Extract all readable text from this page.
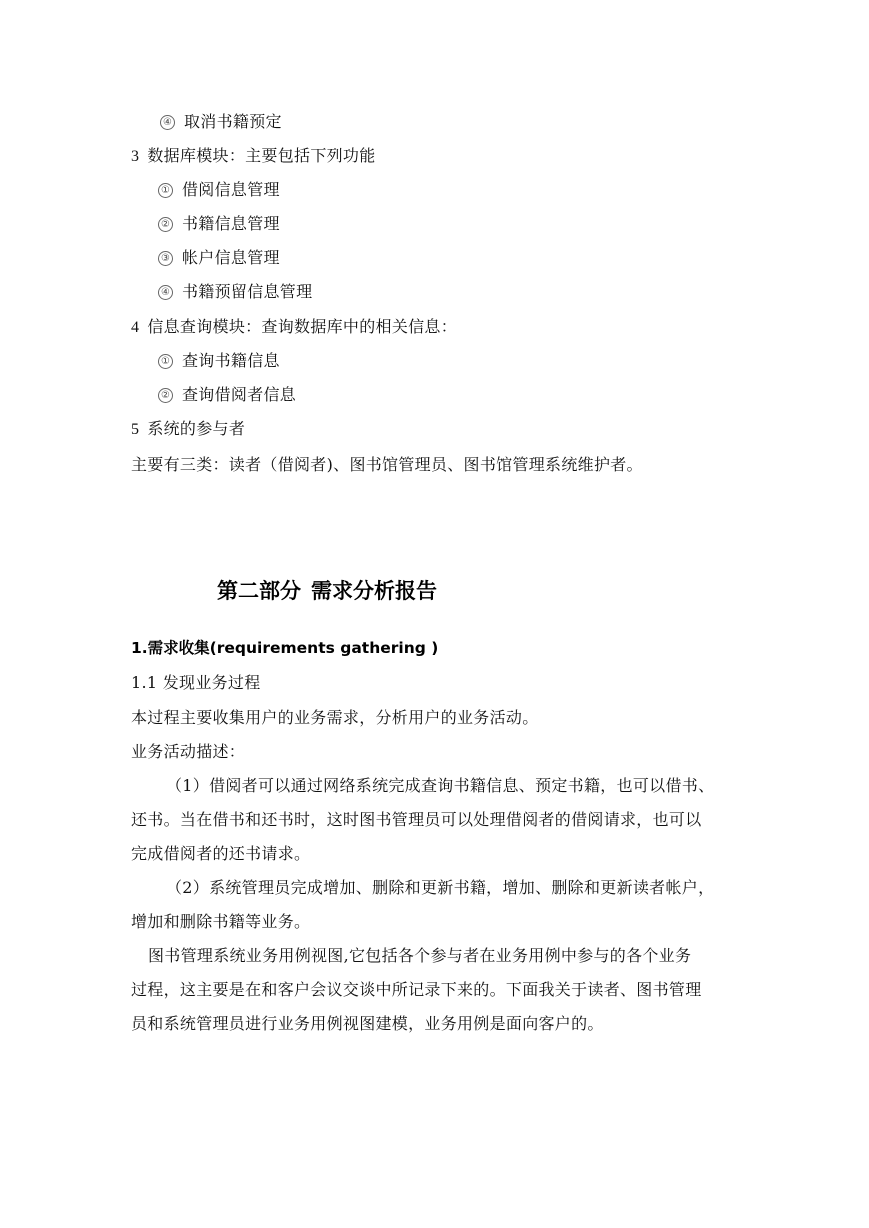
④ 取消书籍预定
3 数据库模块：主要包括下列功能
① 借阅信息管理
② 书籍信息管理
③ 帐户信息管理
④ 书籍预留信息管理
4 信息查询模块：查询数据库中的相关信息：
① 查询书籍信息
② 查询借阅者信息
5 系统的参与者
主要有三类：读者（借阅者)、图书馆管理员、图书馆管理系统维护者。
第二部分 需求分析报告
1.需求收集(requirements gathering )
1.1 发现业务过程
本过程主要收集用户的业务需求，分析用户的业务活动。
业务活动描述：
（1）借阅者可以通过网络系统完成查询书籍信息、预定书籍，也可以借书、
还书。当在借书和还书时，这时图书管理员可以处理借阅者的借阅请求，也可以
完成借阅者的还书请求。
（2）系统管理员完成增加、删除和更新书籍，增加、删除和更新读者帐户，
增加和删除书籍等业务。
图书管理系统业务用例视图,它包括各个参与者在业务用例中参与的各个业务
过程，这主要是在和客户会议交谈中所记录下来的。下面我关于读者、图书管理
员和系统管理员进行业务用例视图建模，业务用例是面向客户的。
